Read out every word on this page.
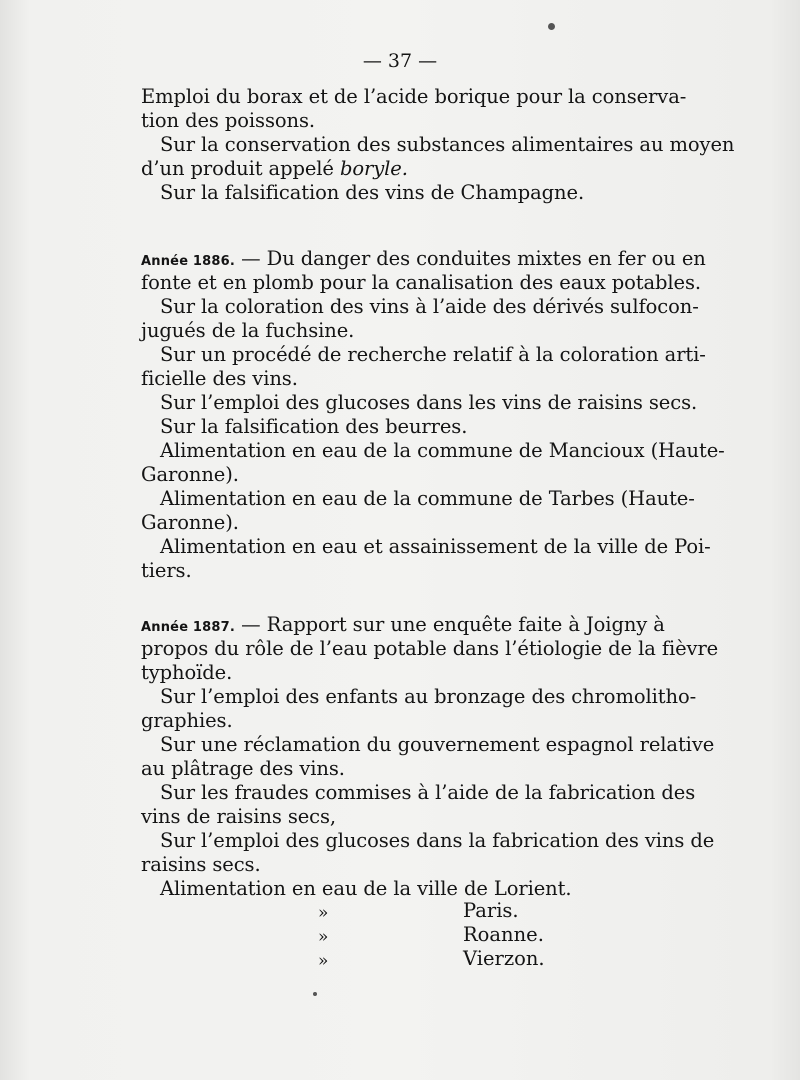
— 37 —
Emploi du borax et de l’acide borique pour la conserva-
tion des poissons.
Sur la conservation des substances alimentaires au moyen
d’un produit appelé boryle.
Sur la falsification des vins de Champagne.
Année 1886. — Du danger des conduites mixtes en fer ou en
fonte et en plomb pour la canalisation des eaux potables.
Sur la coloration des vins à l’aide des dérivés sulfocon-
jugués de la fuchsine.
Sur un procédé de recherche relatif à la coloration arti-
ficielle des vins.
Sur l’emploi des glucoses dans les vins de raisins secs.
Sur la falsification des beurres.
Alimentation en eau de la commune de Mancioux (Haute-
Garonne).
Alimentation en eau de la commune de Tarbes (Haute-
Garonne).
Alimentation en eau et assainissement de la ville de Poi-
tiers.
Année 1887. — Rapport sur une enquête faite à Joigny à
propos du rôle de l’eau potable dans l’étiologie de la fièvre
typhoïde.
Sur l’emploi des enfants au bronzage des chromolitho-
graphies.
Sur une réclamation du gouvernement espagnol relative
au plâtrage des vins.
Sur les fraudes commises à l’aide de la fabrication des
vins de raisins secs,
Sur l’emploi des glucoses dans la fabrication des vins de
raisins secs.
Alimentation en eau de la ville de Lorient.
»	Paris.
»	Roanne.
»	Vierzon.
